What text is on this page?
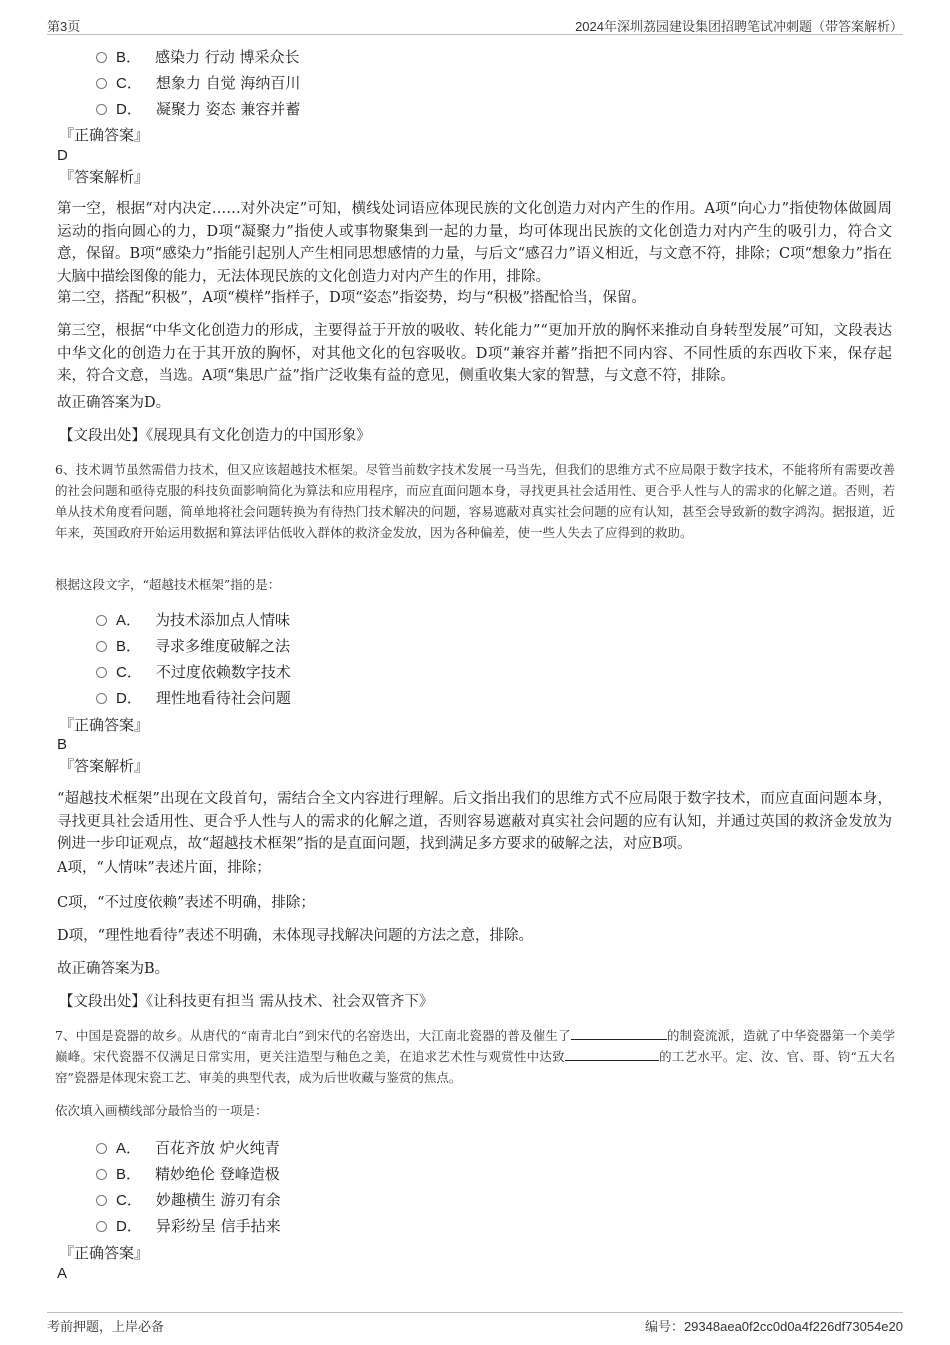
第3页	2024年深圳荔园建设集团招聘笔试冲刺题（带答案解析）
B． 感染力 行动 博采众长
C． 想象力 自觉 海纳百川
D． 凝聚力 姿态 兼容并蓄
『正确答案』
D
『答案解析』
第一空，根据“对内决定……对外决定”可知，横线处词语应体现民族的文化创造力对内产生的作用。A项“向心力”指使物体做圆周运动的指向圆心的力，D项“凝聚力”指使人或事物聚集到一起的力量，均可体现出民族的文化创造力对内产生的吸引力，符合文意，保留。B项“感染力”指能引起别人产生相同思想感情的力量，与后文“感召力”语义相近，与文意不符，排除；C项“想象力”指在大脑中描绘图像的能力，无法体现民族的文化创造力对内产生的作用，排除。
第二空，搭配“积极”，A项“模样”指样子，D项“姿态”指姿势，均与“积极”搭配恰当，保留。
第三空，根据“中华文化创造力的形成，主要得益于开放的吸收、转化能力”“更加开放的胸怀来推动自身转型发展”可知，文段表达中华文化的创造力在于其开放的胸怀，对其他文化的包容吸收。D项“兼容并蓄”指把不同内容、不同性质的东西收下来，保存起来，符合文意，当选。A项“集思广益”指广泛收集有益的意见，侧重收集大家的智慧，与文意不符，排除。
故正确答案为D。
【文段出处】《展现具有文化创造力的中国形象》
6、技术调节虽然需借力技术，但又应该超越技术框架。尽管当前数字技术发展一马当先，但我们的思维方式不应局限于数字技术，不能将所有需要改善的社会问题和亟待克服的科技负面影响简化为算法和应用程序，而应直面问题本身，寻找更具社会适用性、更合乎人性与人的需求的化解之道。否则，若单从技术角度看问题，简单地将社会问题转换为有待热门技术解决的问题，容易遮蔽对真实社会问题的应有认知，甚至会导致新的数字鸿沟。据报道，近年来，英国政府开始运用数据和算法评估低收入群体的救济金发放，因为各种偏差，使一些人失去了应得到的救助。
根据这段文字，“超越技术框架”指的是：
A． 为技术添加点人情味
B． 寻求多维度破解之法
C． 不过度依赖数字技术
D． 理性地看待社会问题
『正确答案』
B
『答案解析』
“超越技术框架”出现在文段首句，需结合全文内容进行理解。后文指出我们的思维方式不应局限于数字技术，而应直面问题本身，寻找更具社会适用性、更合乎人性与人的需求的化解之道，否则容易遮蔽对真实社会问题的应有认知，并通过英国的救济金发放为例进一步印证观点，故“超越技术框架”指的是直面问题，找到满足多方要求的破解之法，对应B项。
A项，“人情味”表述片面，排除；
C项，“不过度依赖”表述不明确，排除；
D项，“理性地看待”表述不明确，未体现寻找解决问题的方法之意，排除。
故正确答案为B。
【文段出处】《让科技更有担当 需从技术、社会双管齐下》
7、中国是瓷器的故乡。从唐代的“南青北白”到宋代的名窑迭出，大江南北瓷器的普及催生了	的制瓷流派，造就了中华瓷器第一个美学巅峰。宋代瓷器不仅满足日常实用，更关注造型与釉色之美，在追求艺术性与观赏性中达致	的工艺水平。定、汝、官、哥、钧“五大名窑”瓷器是体现宋瓷工艺、审美的典型代表，成为后世收藏与鉴赏的焦点。
依次填入画横线部分最恰当的一项是：
A． 百花齐放 炉火纯青
B． 精妙绝伦 登峰造极
C． 妙趣横生 游刃有余
D． 异彩纷呈 信手拈来
『正确答案』
A
考前押题，上岸必备	编号：29348aea0f2cc0d0a4f226df73054e20
